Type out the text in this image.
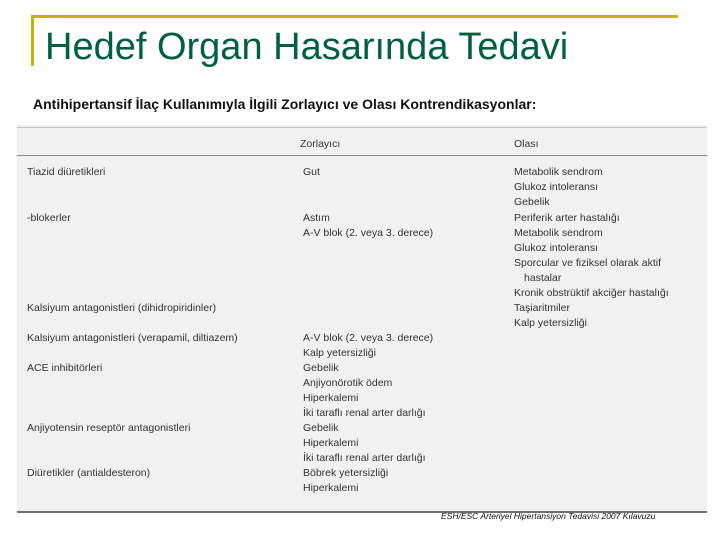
Hedef Organ Hasarında Tedavi
Antihipertansif İlaç Kullanımıyla İlgili Zorlayıcı ve Olası Kontrendikasyonlar:
Zorlayıcı	Olası
Tiazid diüretikleri
-blokerler
Kalsiyum antagonistleri (dihidropiridinler)
Kalsiyum antagonistleri (verapamil, diltiazem)
ACE inhibitörleri
Anjiyotensin reseptör antagonistleri
Diüretikler (antialdesteron)
Gut
Astım
A-V blok (2. veya 3. derece)
A-V blok (2. veya 3. derece)
Kalp yetersizliği
Gebelik
Anjiyonörotik ödem
Hiperkalemi
İki taraflı renal arter darlığı
Gebelik
Hiperkalemi
İki taraflı renal arter darlığı
Böbrek yetersizliği
Hiperkalemi
Metabolik sendrom
Glukoz intoleransı
Gebelik
Periferik arter hastalığı
Metabolik sendrom
Glukoz intoleransı
Sporcular ve fiziksel olarak aktif
hastalar
Kronik obstrüktif akciğer hastalığı
Taşiaritmiler
Kalp yetersizliği
ESH/ESC Arteriyel Hipertansiyon Tedavisi 2007 Kılavuzu
